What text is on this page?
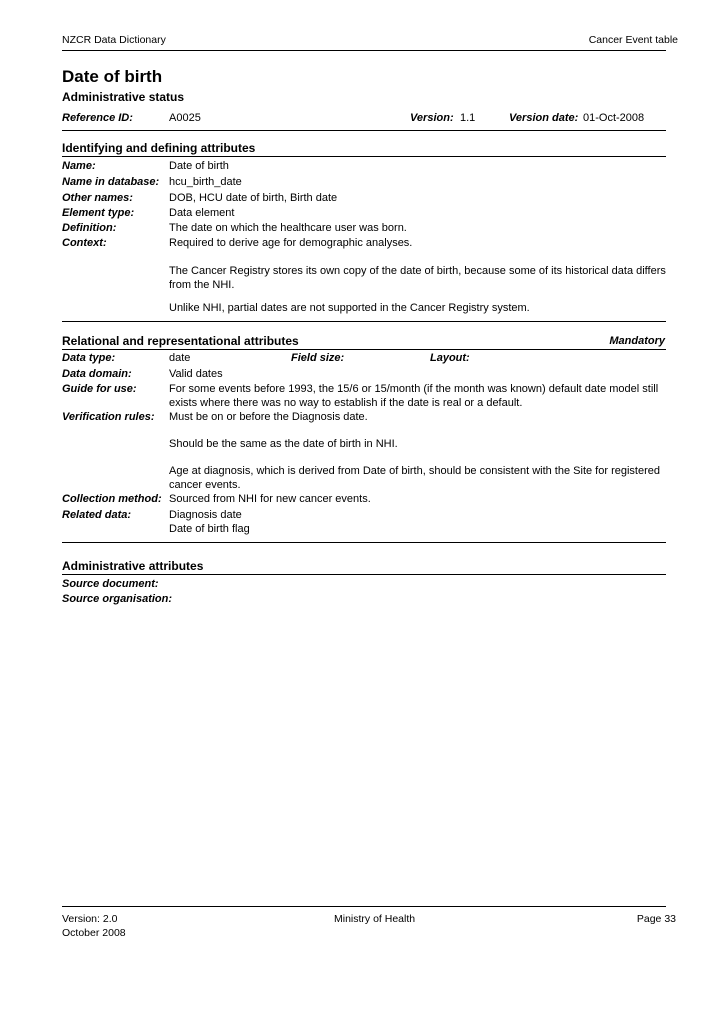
NZCR Data Dictionary	Cancer Event table
Date of birth
Administrative status
Reference ID:	A0025	Version: 1.1	Version date: 01-Oct-2008
Identifying and defining attributes
Name:	Date of birth
Name in database: hcu_birth_date
Other names:	DOB, HCU date of birth, Birth date
Element type:	Data element
Definition:	The date on which the healthcare user was born.
Context:	Required to derive age for demographic analyses.
The Cancer Registry stores its own copy of the date of birth, because some of its historical data differs
from the NHI.
Unlike NHI, partial dates are not supported in the Cancer Registry system.
Relational and representational attributes	Mandatory
Data type:	date	Field size:	Layout:
Data domain:	Valid dates
Guide for use:	For some events before 1993, the 15/6 or 15/month (if the month was known) default date model still
exists where there was no way to establish if the date is real or a default.
Verification rules: Must be on or before the Diagnosis date.
Should be the same as the date of birth in NHI.
Age at diagnosis, which is derived from Date of birth, should be consistent with the Site for registered
cancer events.
Collection method: Sourced from NHI for new cancer events.
Related data:	Diagnosis date
Date of birth flag
Administrative attributes
Source document:
Source organisation:
Version: 2.0
October 2008
Ministry of Health	Page 33
